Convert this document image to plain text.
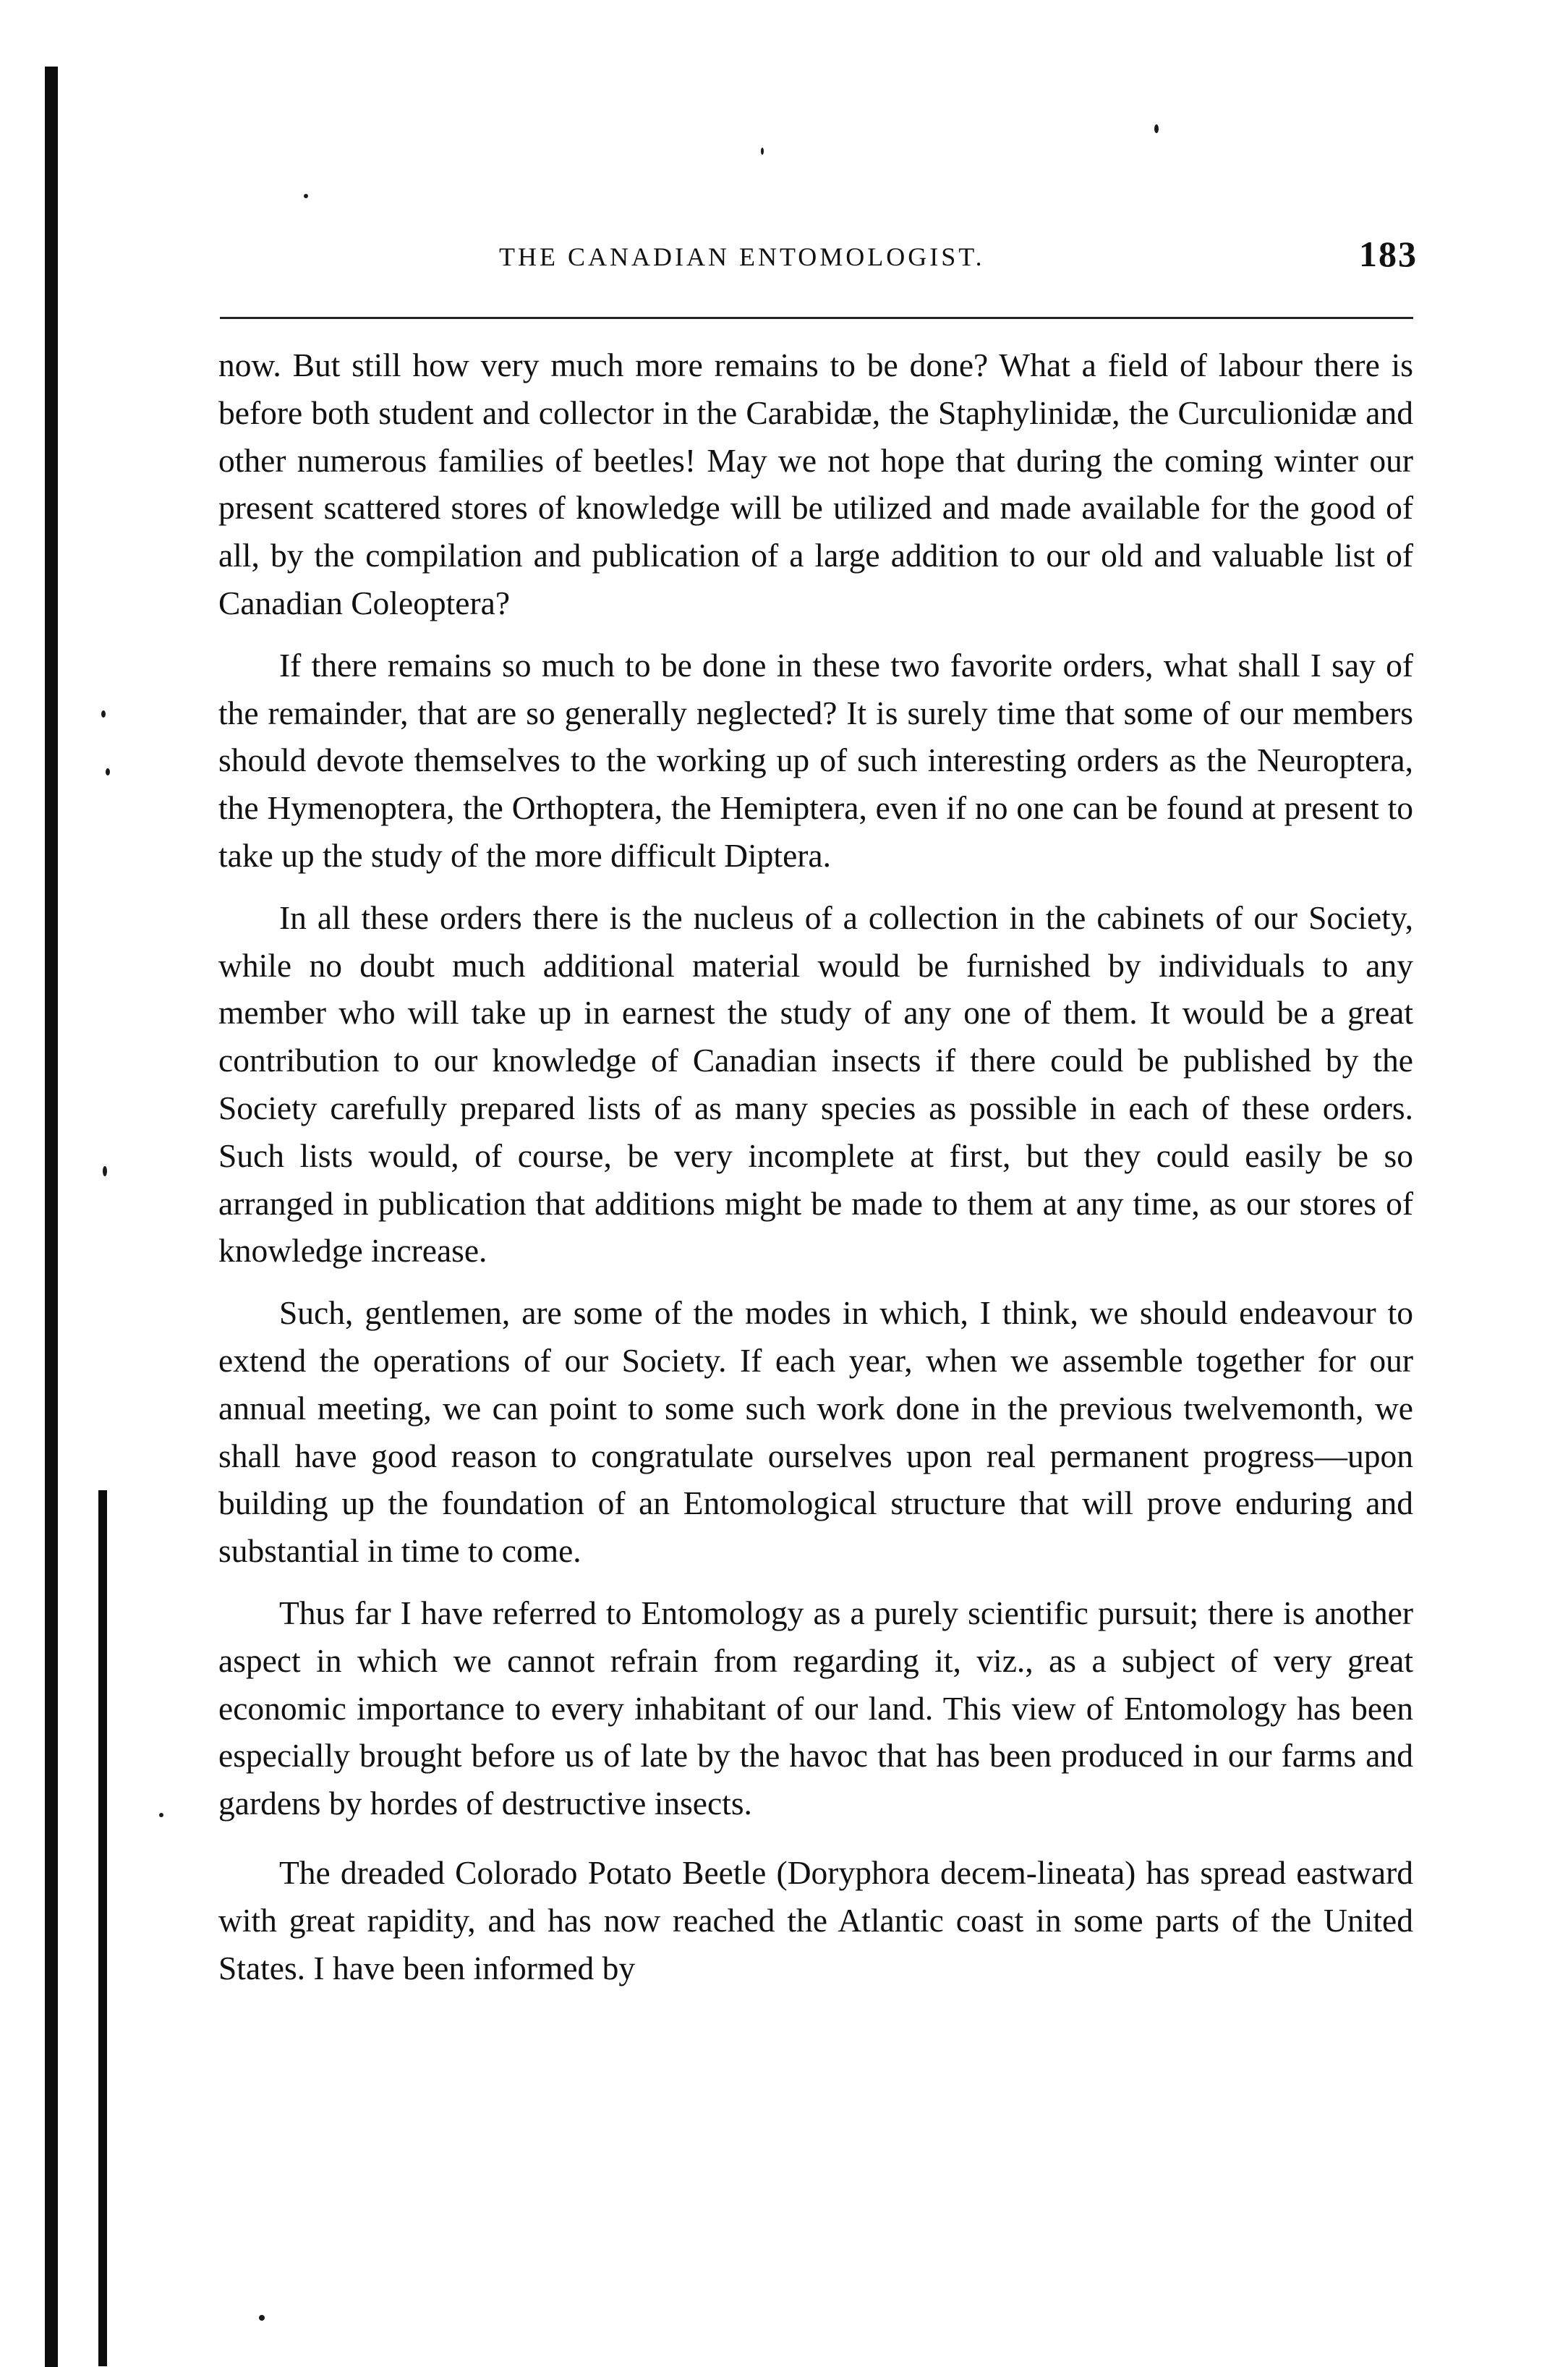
THE CANADIAN ENTOMOLOGIST.	183

now. But still how very much more remains to be done? What a field of labour there is before both student and collector in the Carabidæ, the Staphylinidæ, the Curculionidæ and other numerous families of beetles! May we not hope that during the coming winter our present scattered stores of knowledge will be utilized and made available for the good of all, by the compilation and publication of a large addition to our old and valuable list of Canadian Coleoptera?

If there remains so much to be done in these two favorite orders, what shall I say of the remainder, that are so generally neglected? It is surely time that some of our members should devote themselves to the working up of such interesting orders as the Neuroptera, the Hymenoptera, the Orthoptera, the Hemiptera, even if no one can be found at present to take up the study of the more difficult Diptera.

In all these orders there is the nucleus of a collection in the cabinets of our Society, while no doubt much additional material would be furnished by individuals to any member who will take up in earnest the study of any one of them. It would be a great contribution to our knowledge of Canadian insects if there could be published by the Society carefully prepared lists of as many species as possible in each of these orders. Such lists would, of course, be very incomplete at first, but they could easily be so arranged in publication that additions might be made to them at any time, as our stores of knowledge increase.

Such, gentlemen, are some of the modes in which, I think, we should endeavour to extend the operations of our Society. If each year, when we assemble together for our annual meeting, we can point to some such work done in the previous twelvemonth, we shall have good reason to congratulate ourselves upon real permanent progress—upon building up the foundation of an Entomological structure that will prove enduring and substantial in time to come.

Thus far I have referred to Entomology as a purely scientific pursuit; there is another aspect in which we cannot refrain from regarding it, viz., as a subject of very great economic importance to every inhabitant of our land. This view of Entomology has been especially brought before us of late by the havoc that has been produced in our farms and gardens by hordes of destructive insects.

The dreaded Colorado Potato Beetle (Doryphora decem-lineata) has spread eastward with great rapidity, and has now reached the Atlantic coast in some parts of the United States. I have been informed by
